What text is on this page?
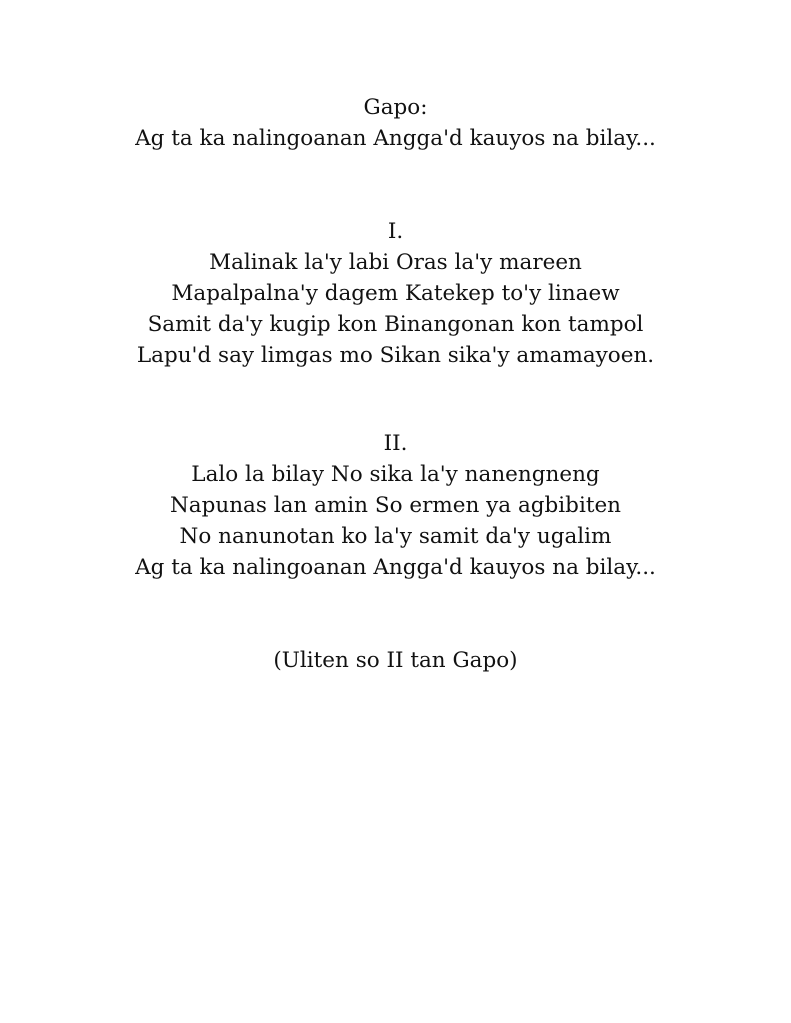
Gapo:
Ag ta ka nalingoanan Angga'd kauyos na bilay...
I.
Malinak la'y labi Oras la'y mareen
Mapalpalna'y dagem Katekep to'y linaew
Samit da'y kugip kon Binangonan kon tampol
Lapu'd say limgas mo Sikan sika'y amamayoen.
II.
Lalo la bilay No sika la'y nanengneng
Napunas lan amin So ermen ya agbibiten
No nanunotan ko la'y samit da'y ugalim
Ag ta ka nalingoanan Angga'd kauyos na bilay...
(Uliten so II tan Gapo)
